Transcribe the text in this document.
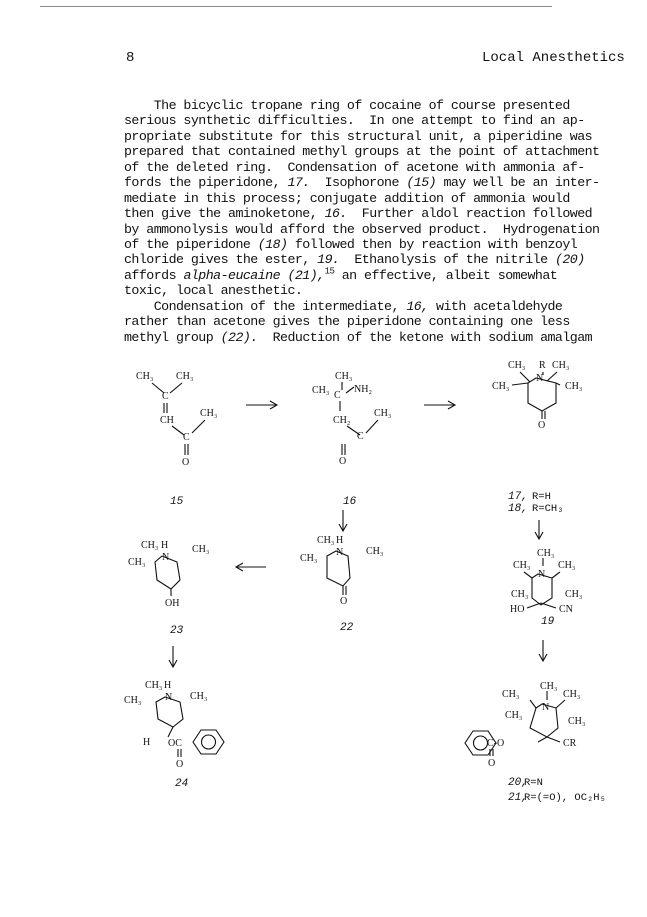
8	Local Anesthetics
The bicyclic tropane ring of cocaine of course presented
serious synthetic difficulties.  In one attempt to find an ap-
propriate substitute for this structural unit, a piperidine was
prepared that contained methyl groups at the point of attachment
of the deleted ring.  Condensation of acetone with ammonia af-
fords the piperidone, 17.  Isophorone (15) may well be an inter-
mediate in this process; conjugate addition of ammonia would
then give the aminoketone, 16.  Further aldol reaction followed
by ammonolysis would afford the observed product.  Hydrogenation
of the piperidone (18) followed then by reaction with benzoyl
chloride gives the ester, 19.  Ethanolysis of the nitrile (20)
affords alpha-eucaine (21),$^{15}$ an effective, albeit somewhat
toxic, local anesthetic.
Condensation of the intermediate, 16, with acetaldehyde
rather than acetone gives the piperidone containing one less
methyl group (22).  Reduction of the ketone with sodium amalgam
CH₃ CH₃
C
CH
CH₃
C
O
15
CH₃
CH₃ C
NH₂
CH₂
CH₃
C
O
16
CH₃ R CH₃
N
CH₃	CH₃
O
17, R=H
18, R=CH₃
CH₃
CH₃	CH₃
N
CH₃	CH₃
HO	CN
19
CH₃
CH₃	CH₃
N
CH₃
CH₃
C-O	CR
O
20,
R=N
21,
R=(=O), OC₂H₅
CH₃ H
CH₃
CH₃
N
O
22
CH₃ H
CH₃
CH₃
N
OH
23
CH₃ H
CH₃	CH₃
N
H OC
O
24
